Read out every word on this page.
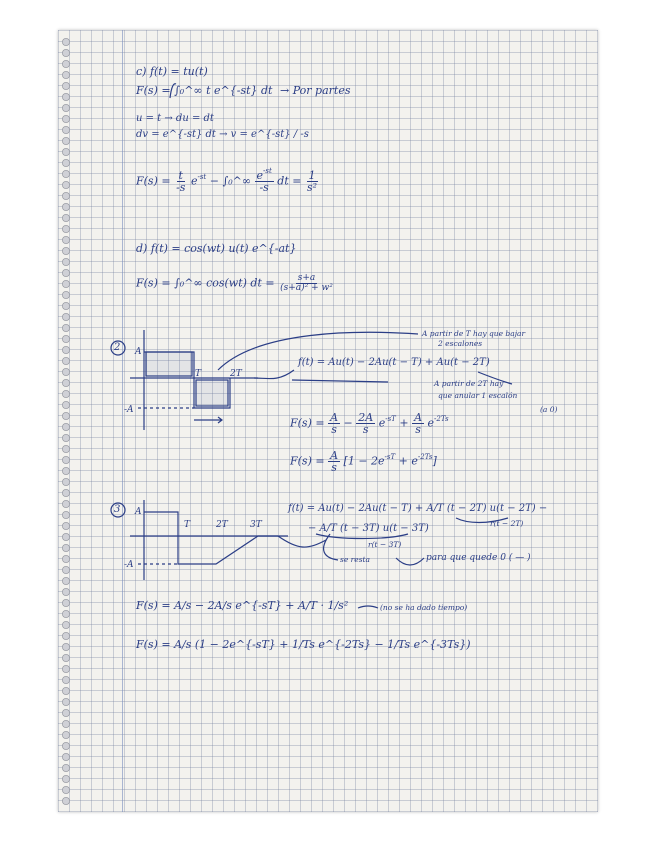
c) f(t) = tu(t)
F(s) = ∫₀^∞ t e^{-st} dt → Por partes
u = t → du = dt
dv = e^{-st} dt → v = e^{-st} / -s
$F(s) = \frac{t}{-s} e^{-st}$ − ∫₀^∞ $\frac{e^{-st}}{-s}$ dt = $\frac{1}{\text{s²}}$
d) f(t) = cos(wt) u(t) e^{-at}
F(s) = ∫₀^∞ cos(wt) dt = $\frac{s+a}{\text{(s+a)² + w²}}$
2 A
T	2T
-A
A partir de T hay que bajar
2 escalones
f(t) = Au(t) − 2Au(t − T) + Au(t − 2T)
A partir de 2T hay
que anular 1 escalón
(a 0)
$F(s) = \frac{A}{s} - \frac{2A}{s} e^{-sT} + \frac{A}{s} e^{-2Ts}$
$F(s) = \frac{A}{s} [1 - 2e^{-sT} + e^{-2Ts}]$
3 A
T	2T 3T
-A
f(t) = Au(t) − 2Au(t − T) + A/T (t − 2T) u(t − 2T) −
r(t − 2T)
− A/T (t − 3T) u(t − 3T)
r(t − 3T)
se resta	para que quede 0 ( — )
F(s) = A/s − 2A/s e^{-sT} + A/T · 1/s²	(no se ha dado tiempo)
F(s) = A/s (1 − 2e^{-sT} + 1/Ts e^{-2Ts} − 1/Ts e^{-3Ts})
